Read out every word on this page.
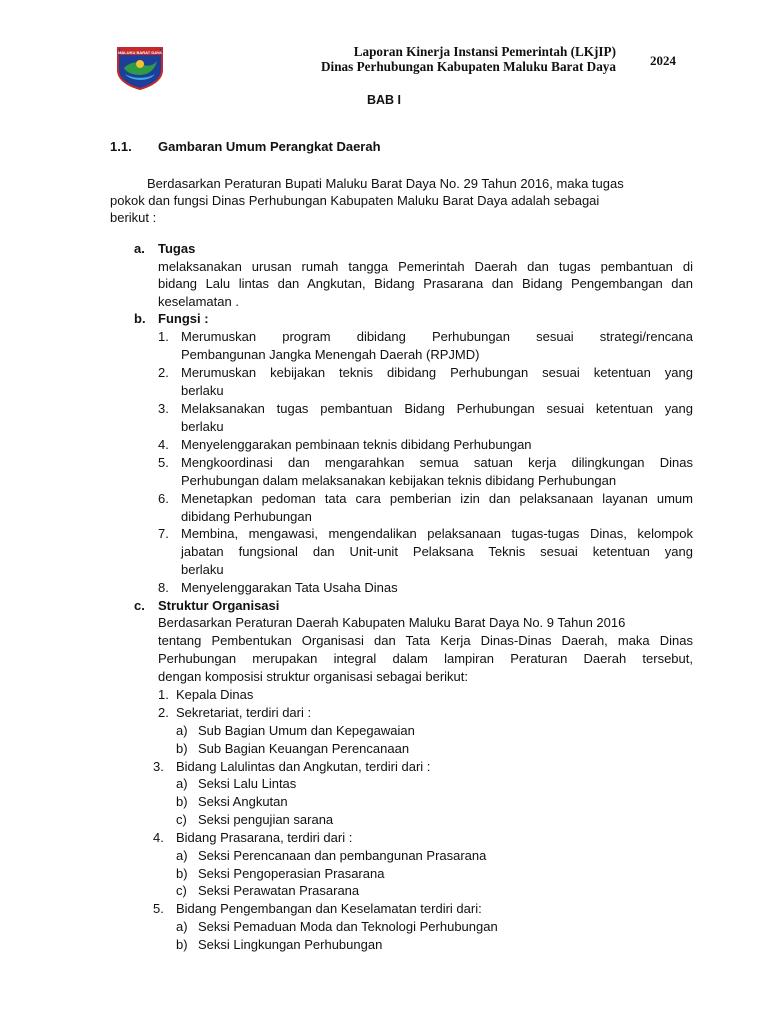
MALUKU BARAT DAYA	Laporan Kinerja Instansi Pemerintah (LKjIP)
Dinas Perhubungan Kabupaten Maluku Barat Daya	2024
BAB I
1.1. Gambaran Umum Perangkat Daerah
Berdasarkan Peraturan Bupati Maluku Barat Daya No. 29 Tahun 2016, maka tugas
pokok dan fungsi Dinas Perhubungan Kabupaten Maluku Barat Daya adalah sebagai
berikut :
a. Tugas
melaksanakan urusan rumah tangga Pemerintah Daerah dan tugas pembantuan di
bidang Lalu lintas dan Angkutan, Bidang Prasarana dan Bidang Pengembangan dan
keselamatan .
b. Fungsi :
1. Merumuskan program dibidang Perhubungan sesuai strategi/rencana
Pembangunan Jangka Menengah Daerah (RPJMD)
2. Merumuskan kebijakan teknis dibidang Perhubungan sesuai ketentuan yang
berlaku
3. Melaksanakan tugas pembantuan Bidang Perhubungan sesuai ketentuan yang
berlaku
4. Menyelenggarakan pembinaan teknis dibidang Perhubungan
5. Mengkoordinasi dan mengarahkan semua satuan kerja dilingkungan Dinas
Perhubungan dalam melaksanakan kebijakan teknis dibidang Perhubungan
6. Menetapkan pedoman tata cara pemberian izin dan pelaksanaan layanan umum
dibidang Perhubungan
7. Membina, mengawasi, mengendalikan pelaksanaan tugas-tugas Dinas, kelompok
jabatan fungsional dan Unit-unit Pelaksana Teknis sesuai ketentuan yang
berlaku
8. Menyelenggarakan Tata Usaha Dinas
c. Struktur Organisasi
Berdasarkan Peraturan Daerah Kabupaten Maluku Barat Daya No. 9 Tahun 2016
tentang Pembentukan Organisasi dan Tata Kerja Dinas-Dinas Daerah, maka Dinas
Perhubungan merupakan integral dalam lampiran Peraturan Daerah tersebut,
dengan komposisi struktur organisasi sebagai berikut:
1. Kepala Dinas
2. Sekretariat, terdiri dari :
a) Sub Bagian Umum dan Kepegawaian
b) Sub Bagian Keuangan Perencanaan
3. Bidang Lalulintas dan Angkutan, terdiri dari :
a) Seksi Lalu Lintas
b) Seksi Angkutan
c) Seksi pengujian sarana
4. Bidang Prasarana, terdiri dari :
a) Seksi Perencanaan dan pembangunan Prasarana
b) Seksi Pengoperasian Prasarana
c) Seksi Perawatan Prasarana
5. Bidang Pengembangan dan Keselamatan terdiri dari:
a) Seksi Pemaduan Moda dan Teknologi Perhubungan
b) Seksi Lingkungan Perhubungan
